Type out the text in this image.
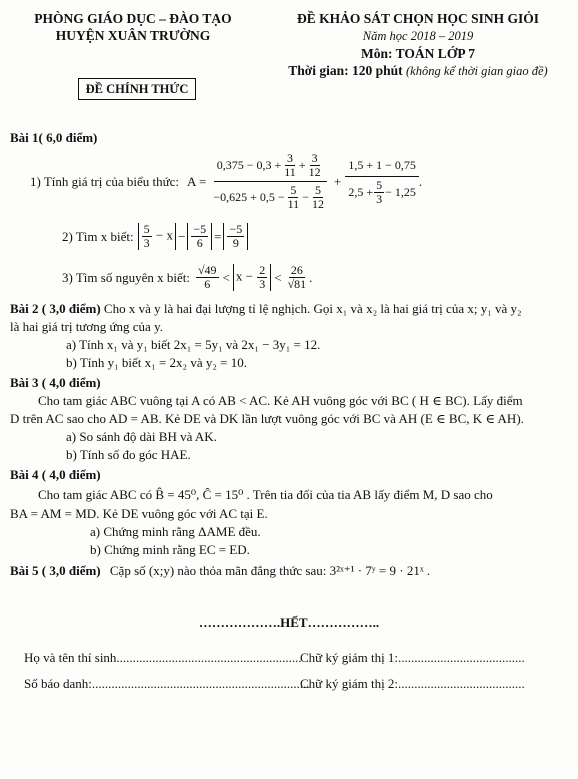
PHÒNG GIÁO DỤC – ĐÀO TẠO
HUYỆN XUÂN TRƯỜNG
ĐỀ CHÍNH THỨC
ĐỀ KHẢO SÁT CHỌN HỌC SINH GIỎI
Năm học 2018 – 2019
Môn: TOÁN LỚP 7
Thời gian: 120 phút (không kể thời gian giao đề)
Bài 1( 6,0 điểm)
1) Tính giá trị của biểu thức: $A = \frac{0,375 - 0,3 + \frac{3}{11} + \frac{3}{12}}{-0,625 + 0,5 - \frac{5}{11} - \frac{5}{12}} + \frac{1,5 + 1 - 0,75}{2,5 + \frac{5}{3} - 1,25}$ .
2) Tìm x biết: $\frac{5}{3} - x - \frac{-5}{6} = \frac{-5}{9}$
3) Tìm số nguyên x biết: $\frac{√49}{6} < x - \frac{2}{3} < \frac{26}{√81}$ .
Bài 2 ( 3,0 điểm) Cho x và y là hai đại lượng tỉ lệ nghịch. Gọi x₁ và x₂ là hai giá trị của x; y₁ và y₂
là hai giá trị tương ứng của y.
a) Tính x₁ và y₁ biết 2x₁ = 5y₁ và 2x₁ − 3y₁ = 12.
b) Tính y₁ biết x₁ = 2x₂ và y₂ = 10.
Bài 3 ( 4,0 điểm)
Cho tam giác ABC vuông tại A có AB < AC. Kẻ AH vuông góc với BC ( H ∈ BC). Lấy điểm
D trên AC sao cho AD = AB. Kẻ DE và DK lần lượt vuông góc với BC và AH (E ∈ BC, K ∈ AH).
a) So sánh độ dài BH và AK.
b) Tính số đo góc HAE.
Bài 4 ( 4,0 điểm)
Cho tam giác ABC có B̂ = 45⁰, Ĉ = 15⁰ . Trên tia đối của tia AB lấy điểm M, D sao cho
BA = AM = MD. Kẻ DE vuông góc với AC tại E.
a) Chứng minh rằng ΔAME đều.
b) Chứng minh rằng EC = ED.
Bài 5 ( 3,0 điểm) Cặp số (x;y) nào thỏa mãn đẳng thức sau: 3²ˣ⁺¹ · 7ʸ = 9 · 21ˣ .
……………….HẾT……………..
Họ và tên thí sinh.........................................................
Chữ ký giám thị 1:.......................................
Số báo danh:...................................................................
Chữ ký giám thị 2:.......................................
